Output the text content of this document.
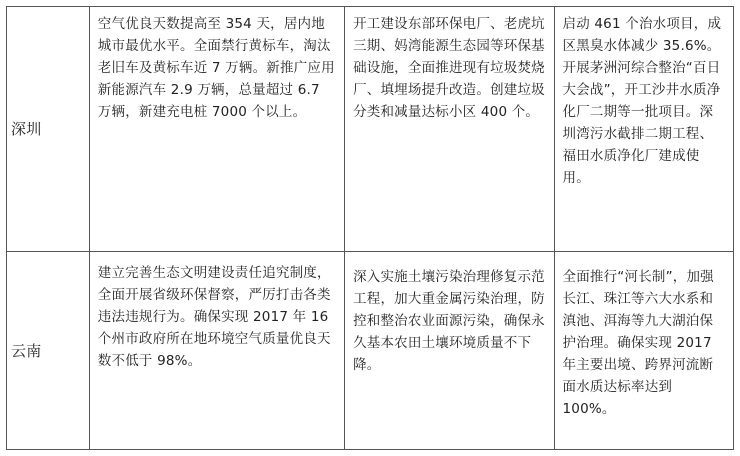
深圳
空气优良天数提高至 354 天，居内地城市最优水平。全面禁行黄标车，淘汰老旧车及黄标车近 7 万辆。新推广应用新能源汽车 2.9 万辆，总量超过 6.7 万辆，新建充电桩 7000 个以上。
开工建设东部环保电厂、老虎坑三期、妈湾能源生态园等环保基础设施，全面推进现有垃圾焚烧厂、填埋场提升改造。创建垃圾分类和减量达标小区 400 个。
启动 461 个治水项目，成区黑臭水体减少 35.6%。开展茅洲河综合整治“百日大会战”，开工沙井水质净化厂二期等一批项目。深圳湾污水截排二期工程、福田水质净化厂建成使用。
云南
建立完善生态文明建设责任追究制度，全面开展省级环保督察，严厉打击各类违法违规行为。确保实现 2017 年 16 个州市政府所在地环境空气质量优良天数不低于 98%。
深入实施土壤污染治理修复示范工程，加大重金属污染治理，防控和整治农业面源污染，确保永久基本农田土壤环境质量不下降。
全面推行“河长制”，加强长江、珠江等六大水系和滇池、洱海等九大湖泊保护治理。确保实现 2017 年主要出境、跨界河流断面水质达标率达到 100%。
